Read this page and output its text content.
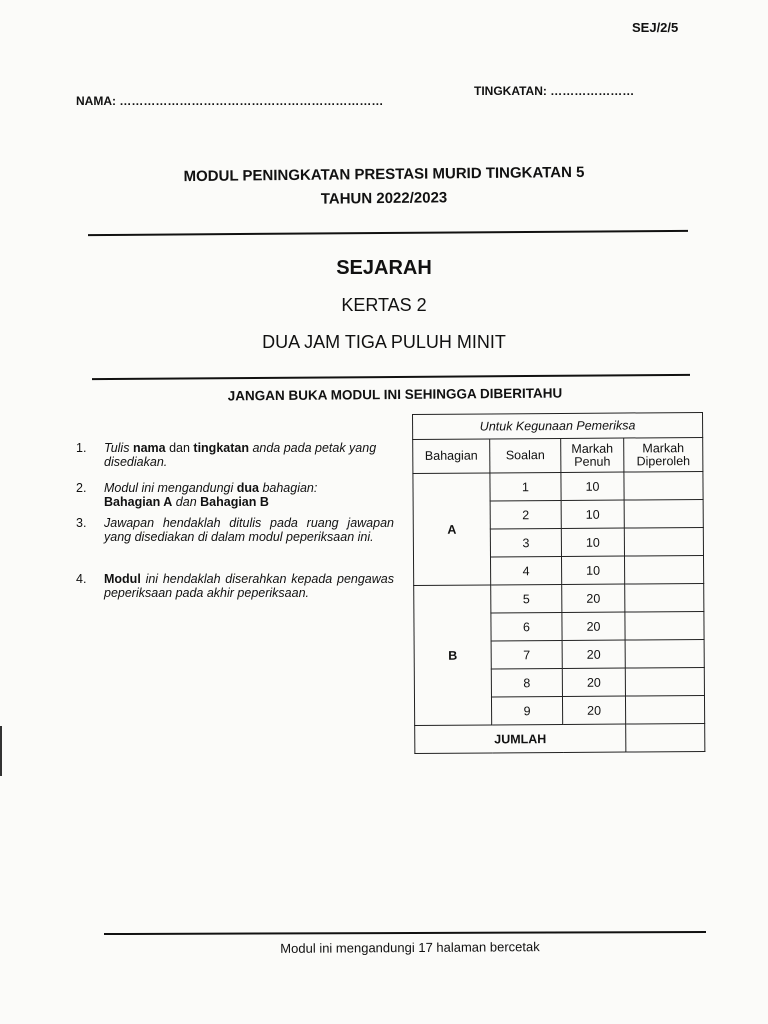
SEJ/2/5
NAMA: …………………………………………………………
TINGKATAN: …………………
MODUL PENINGKATAN PRESTASI MURID TINGKATAN 5
TAHUN 2022/2023
SEJARAH
KERTAS 2
DUA JAM TIGA PULUH MINIT
JANGAN BUKA MODUL INI SEHINGGA DIBERITAHU
1. Tulis nama dan tingkatan anda pada petak yang disediakan.
2. Modul ini mengandungi dua bahagian:
Bahagian A dan Bahagian B
3. Jawapan hendaklah ditulis pada ruang jawapan yang disediakan di dalam modul peperiksaan ini.
4. Modul ini hendaklah diserahkan kepada pengawas peperiksaan pada akhir peperiksaan.
Untuk Kegunaan Pemeriksa			
Bahagian	Soalan	Markah Penuh	Markah Diperoleh
A	1	10	
	2	10	
	3	10	
	4	10	
B	5	20	
	6	20	
	7	20	
	8	20	
	9	20	
JUMLAH			
Modul ini mengandungi 17 halaman bercetak
